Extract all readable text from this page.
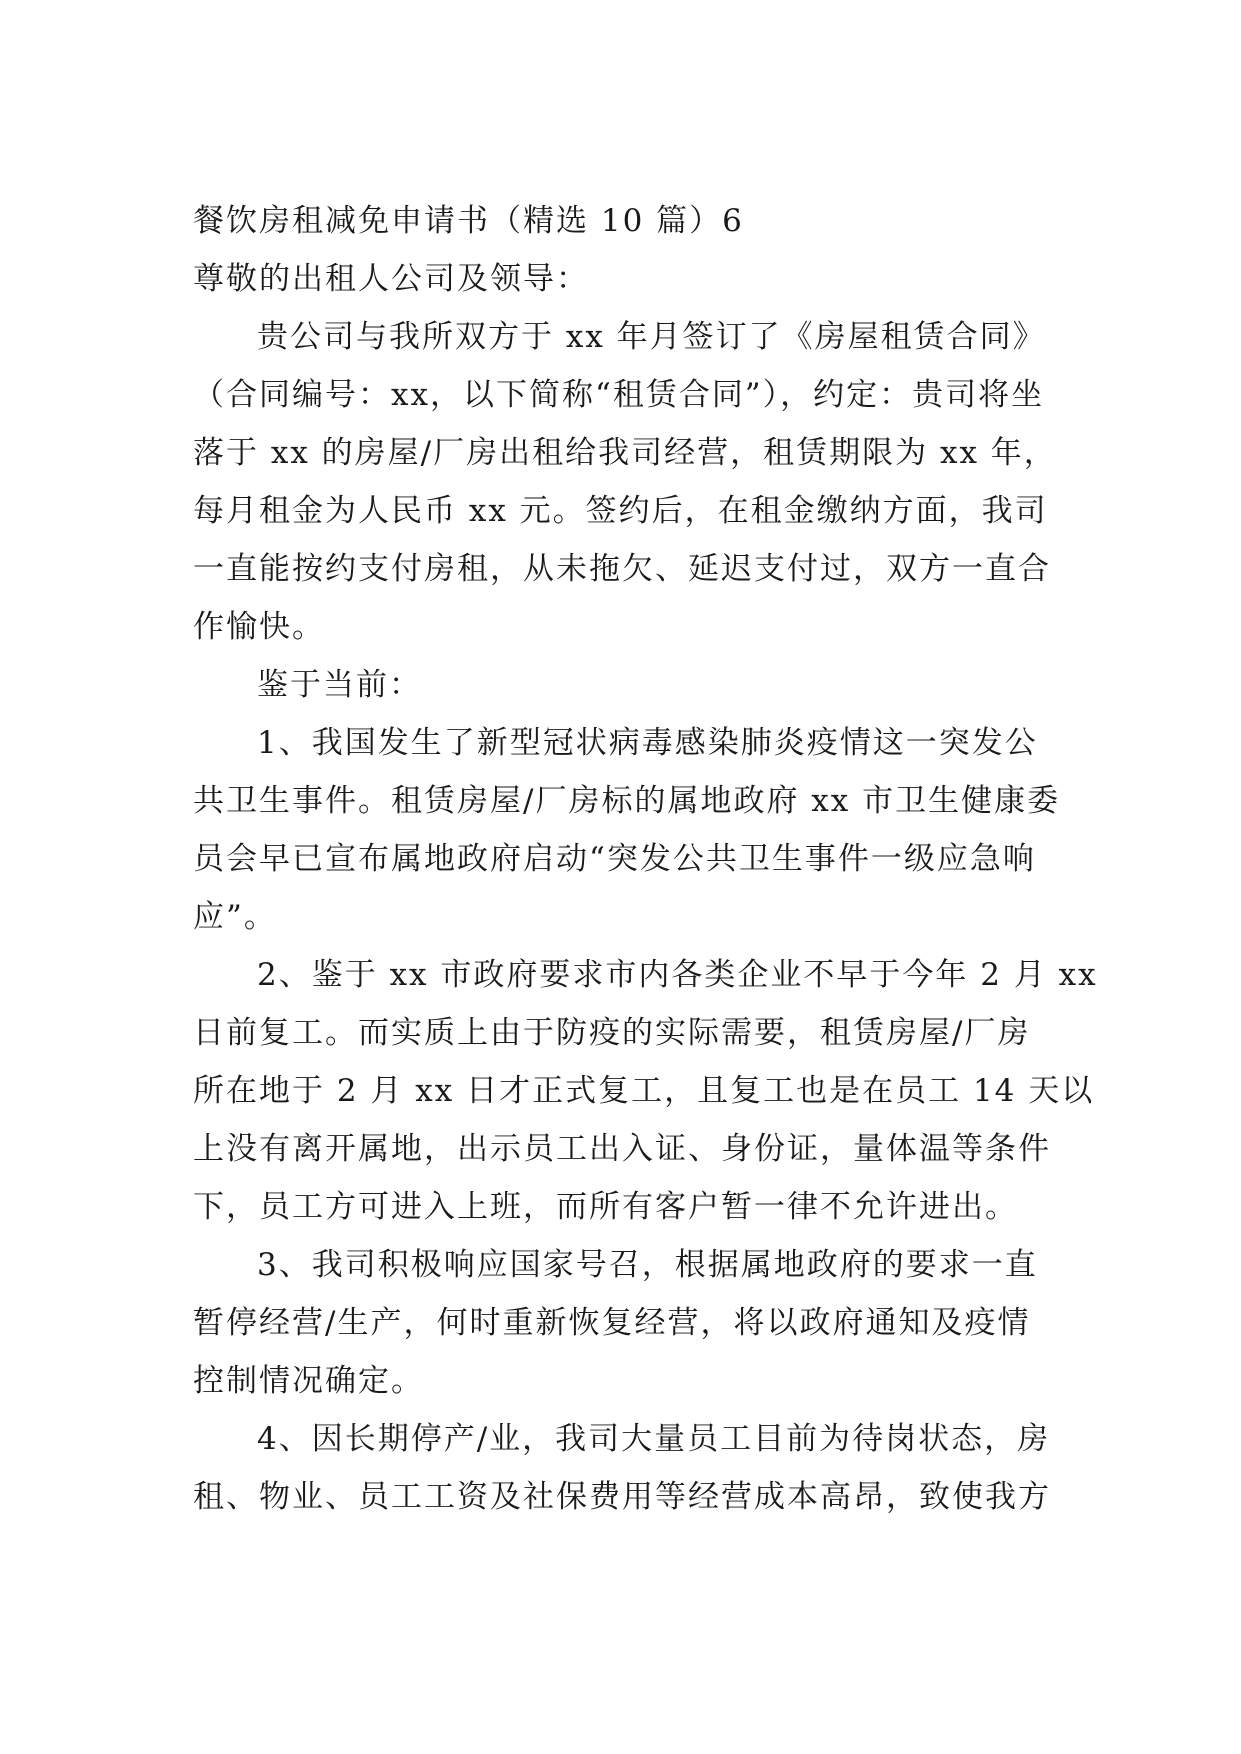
餐饮房租减免申请书（精选 10 篇）6
尊敬的出租人公司及领导：
贵公司与我所双方于 xx 年月签订了《房屋租赁合同》
（合同编号：xx，以下简称“租赁合同”），约定：贵司将坐
落于 xx 的房屋/厂房出租给我司经营，租赁期限为 xx 年，
每月租金为人民币 xx 元。签约后，在租金缴纳方面，我司
一直能按约支付房租，从未拖欠、延迟支付过，双方一直合
作愉快。
鉴于当前：
1、我国发生了新型冠状病毒感染肺炎疫情这一突发公
共卫生事件。租赁房屋/厂房标的属地政府 xx 市卫生健康委
员会早已宣布属地政府启动“突发公共卫生事件一级应急响
应”。
2、鉴于 xx 市政府要求市内各类企业不早于今年 2 月 xx
日前复工。而实质上由于防疫的实际需要，租赁房屋/厂房
所在地于 2 月 xx 日才正式复工，且复工也是在员工 14 天以
上没有离开属地，出示员工出入证、身份证，量体温等条件
下，员工方可进入上班，而所有客户暂一律不允许进出。
3、我司积极响应国家号召，根据属地政府的要求一直
暂停经营/生产，何时重新恢复经营，将以政府通知及疫情
控制情况确定。
4、因长期停产/业，我司大量员工目前为待岗状态，房
租、物业、员工工资及社保费用等经营成本高昂，致使我方
